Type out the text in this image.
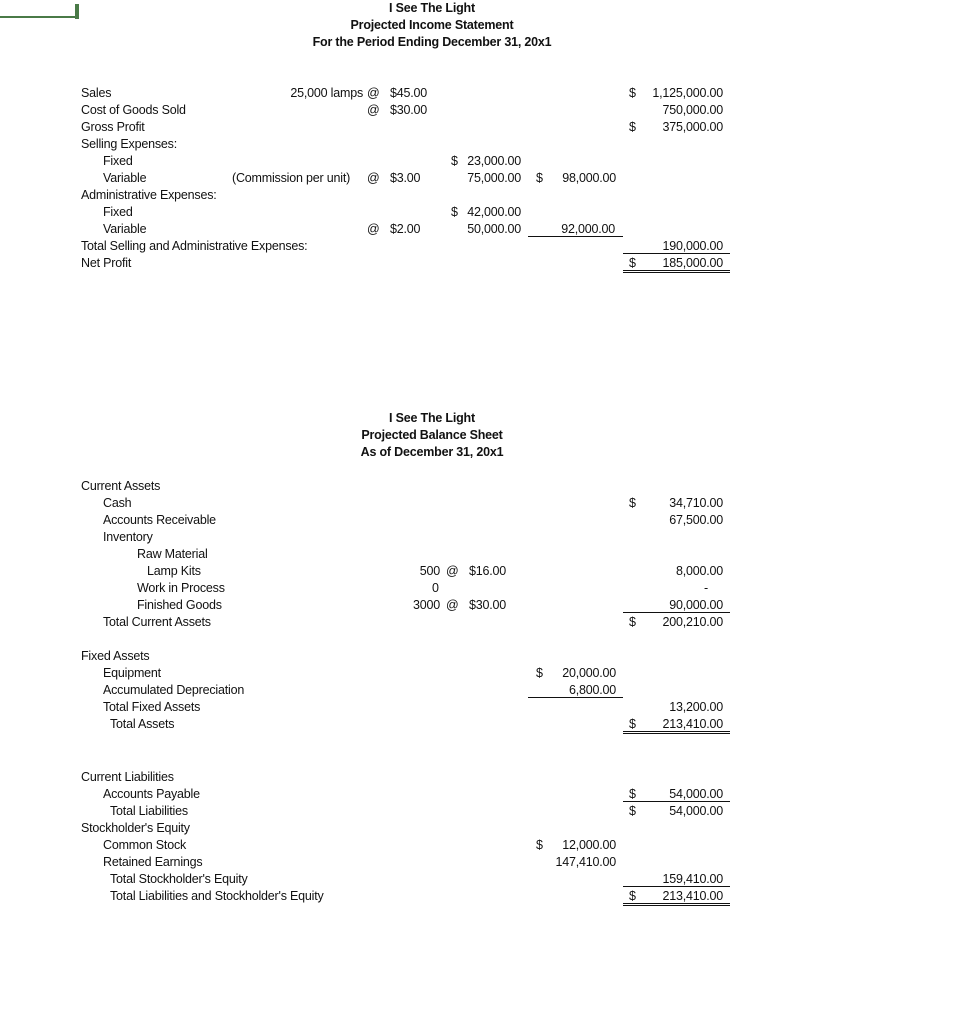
I See The Light
Projected Income Statement
For the Period Ending December 31, 20x1
Sales	25,000 lamps @ $45.00	$	1,125,000.00
Cost of Goods Sold	@ $30.00	750,000.00
Gross Profit	$	375,000.00
Selling Expenses:
Fixed	$ 23,000.00
Variable	(Commission per unit) @ $3.00	75,000.00 $	98,000.00
Administrative Expenses:
Fixed	$ 42,000.00
Variable	@ $2.00	50,000.00	92,000.00
Total Selling and Administrative Expenses:	190,000.00
Net Profit	$ 185,000.00
I See The Light
Projected Balance Sheet
As of December 31, 20x1
Current Assets
Cash	$	34,710.00
Accounts Receivable	67,500.00
Inventory
Raw Material
Lamp Kits	500 @ $16.00	8,000.00
Work in Process	0	-
Finished Goods	3000 @ $30.00	90,000.00
Total Current Assets	$	200,210.00
Fixed Assets
Equipment	$	20,000.00
Accumulated Depreciation	6,800.00
Total Fixed Assets	13,200.00
Total Assets	$ 213,410.00
Current Liabilities
Accounts Payable	$	54,000.00
Total Liabilities	$	54,000.00
Stockholder's Equity
Common Stock	$	12,000.00
Retained Earnings	147,410.00
Total Stockholder's Equity	159,410.00
Total Liabilities and Stockholder's Equity	$ 213,410.00
